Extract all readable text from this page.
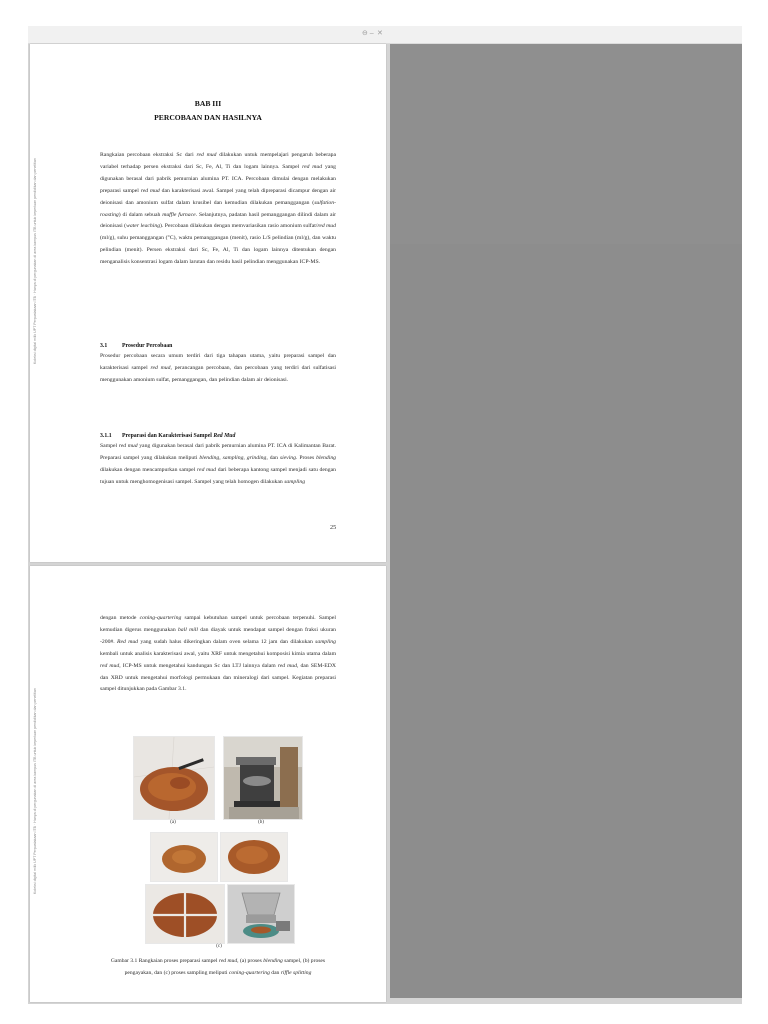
⊖ – ✕
Koleksi digital milik UPT Perpustakaan ITB · Hanya di pergunakan di area kampus ITB untuk keperluan pendidikan dan penelitian
BAB III
PERCOBAAN DAN HASILNYA

Rangkaian percobaan ekstraksi Sc dari red mud dilakukan untuk mempelajari pengaruh beberapa variabel terhadap persen ekstraksi dari Sc, Fe, Al, Ti dan logam lainnya. Sampel red mud yang digunakan berasal dari pabrik pemurnian alumina PT. ICA. Percobaan dimulai dengan melakukan preparasi sampel red mud dan karakterisasi awal. Sampel yang telah dipreparasi dicampur dengan air deionisasi dan amonium sulfat dalam krusibel dan kemudian dilakukan pemanggangan (sulfation-roasting) di dalam sebuah muffle furnace. Selanjutnya, padatan hasil pemanggangan dilindi dalam air deionisasi (water leaching). Percobaan dilakukan dengan memvariasikan rasio amonium sulfat/red mud (ml/g), suhu pemanggangan (°C), waktu pemanggangan (menit), rasio L/S pelindian (ml/g), dan waktu pelindian (menit). Persen ekstraksi dari Sc, Fe, Al, Ti dan logam lainnya ditentukan dengan menganalisis konsentrasi logam dalam larutan dan residu hasil pelindian menggunakan ICP-MS.

3.1	Prosedur Percobaan

Prosedur percobaan secara umum terdiri dari tiga tahapan utama, yaitu preparasi sampel dan karakterisasi sampel red mud, perancangan percobaan, dan percobaan yang terdiri dari sulfatisasi menggunakan amonium sulfat, pemanggangan, dan pelindian dalam air deionisasi.

3.1.1 Preparasi dan Karakterisasi Sampel Red Mud

Sampel red mud yang digunakan berasal dari pabrik pemurnian alumina PT. ICA di Kalimantan Barat. Preparasi sampel yang dilakukan meliputi blending, sampling, grinding, dan sieving. Proses blending dilakukan dengan mencampurkan sampel red mud dari beberapa kantong sampel menjadi satu dengan tujuan untuk menghomogenisasi sampel. Sampel yang telah homogen dilakukan sampling

25
Koleksi digital milik UPT Perpustakaan ITB · Hanya di pergunakan di area kampus ITB untuk keperluan pendidikan dan penelitian

dengan metode coning-quartering sampai kebutuhan sampel untuk percobaan terpenuhi. Sampel kemudian digerus menggunakan ball mill dan diayak untuk mendapat sampel dengan fraksi ukuran -200#. Red mud yang sudah halus dikeringkan dalam oven selama 12 jam dan dilakukan sampling kembali untuk analisis karakterisasi awal, yaitu XRF untuk mengetahui komposisi kimia utama dalam red mud, ICP-MS untuk mengetahui kandungan Sc dan LTJ lainnya dalam red mud, dan SEM-EDX dan XRD untuk mengetahui morfologi permukaan dan mineralogi dari sampel. Kegiatan preparasi sampel ditunjukkan pada Gambar 3.1.

(a)	(b)
(c)
Gambar 3.1 Rangkaian proses preparasi sampel red mud, (a) proses blending sampel, (b) proses pengayakan, dan (c) proses sampling meliputi coning-quartering dan riffle splitting
